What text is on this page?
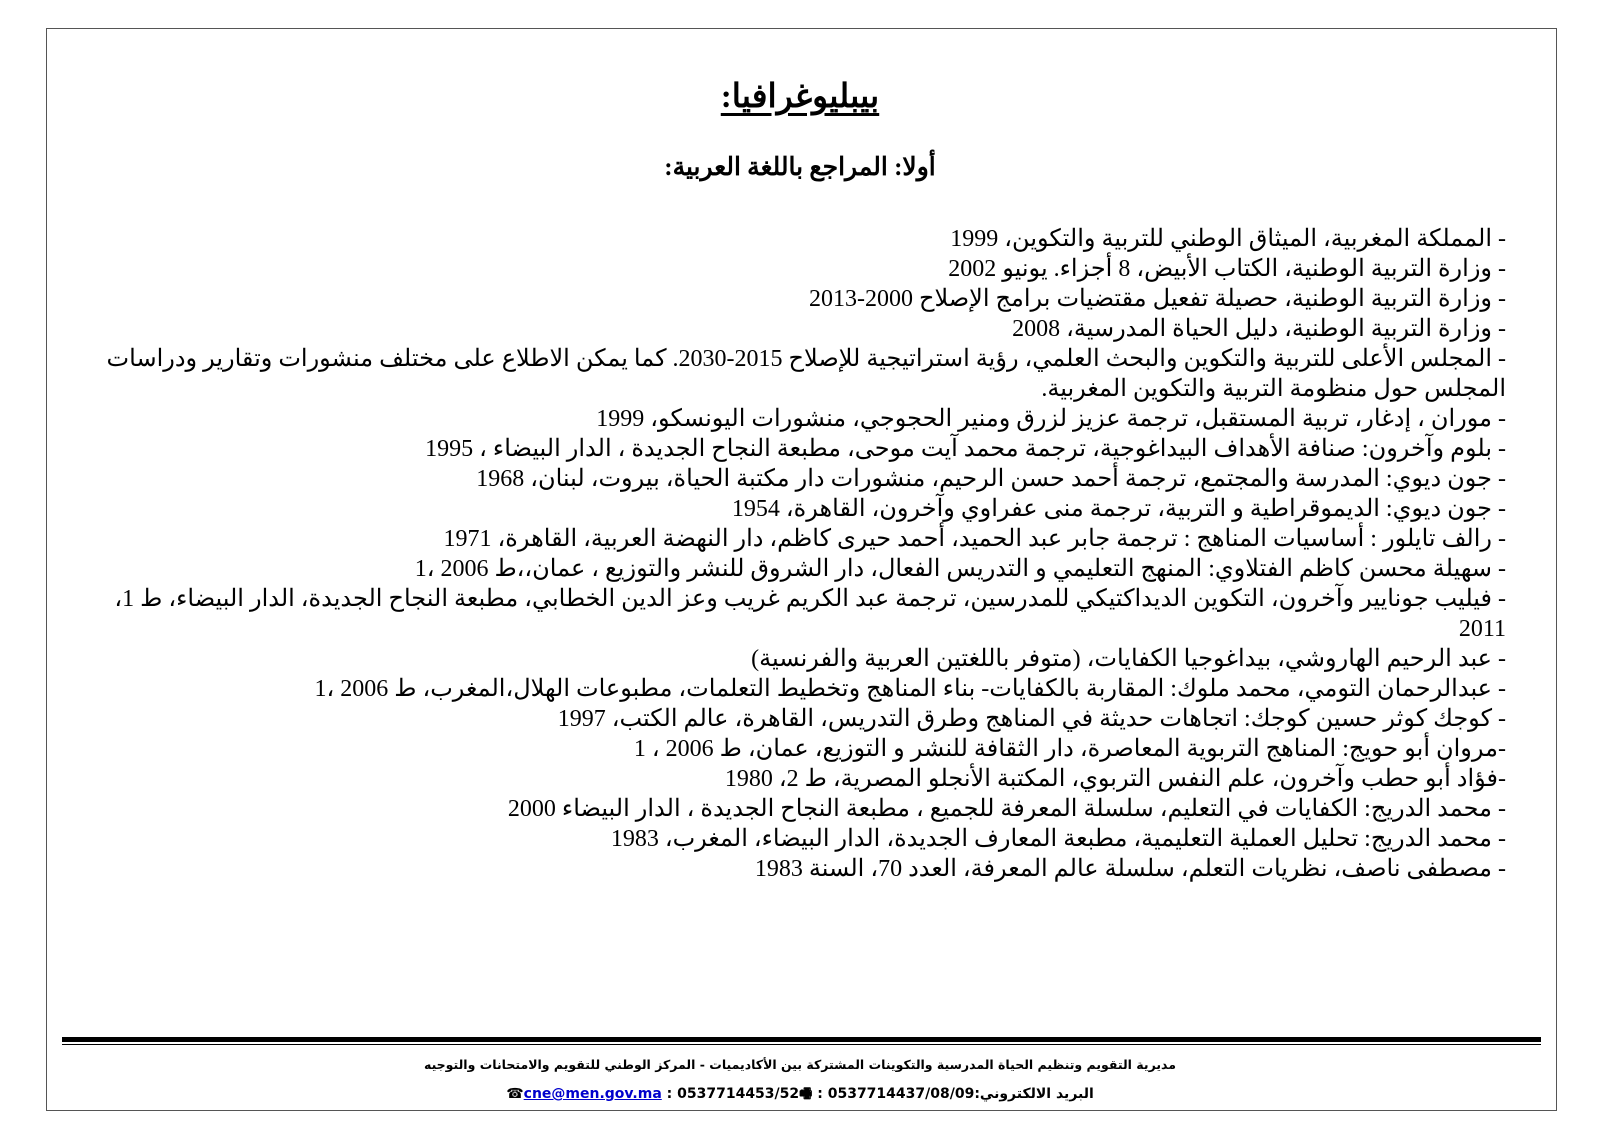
بيبليوغرافيا:
أولا: المراجع باللغة العربية:
- المملكة المغربية، الميثاق الوطني للتربية والتكوين، 1999
- وزارة التربية الوطنية، الكتاب الأبيض، 8 أجزاء. يونيو 2002
- وزارة التربية الوطنية، حصيلة تفعيل مقتضيات برامج الإصلاح 2000-2013
- وزارة التربية الوطنية، دليل الحياة المدرسية، 2008
- المجلس الأعلى للتربية والتكوين والبحث العلمي، رؤية استراتيجية للإصلاح 2015-2030. كما يمكن الاطلاع على مختلف منشورات وتقارير ودراسات المجلس حول منظومة التربية والتكوين المغربية.
- موران ، إدغار، تربية المستقبل، ترجمة عزيز لزرق ومنير الحجوجي، منشورات اليونسكو، 1999
- بلوم وآخرون: صنافة الأهداف البيداغوجية، ترجمة محمد آيت موحى، مطبعة النجاح الجديدة ، الدار البيضاء ، 1995
- جون ديوي: المدرسة والمجتمع، ترجمة أحمد حسن الرحيم، منشورات دار مكتبة الحياة، بيروت، لبنان، 1968
- جون ديوي: الديموقراطية و التربية، ترجمة منى عفراوي وآخرون، القاهرة، 1954
- رالف تايلور : أساسيات المناهج : ترجمة جابر عبد الحميد، أحمد حيرى كاظم، دار النهضة العربية، القاهرة، 1971
- سهيلة محسن كاظم الفتلاوي: المنهج التعليمي و التدريس الفعال، دار الشروق للنشر والتوزيع ، عمان،،ط 2006 ،1
- فيليب جونايير وآخرون، التكوين الديداكتيكي للمدرسين، ترجمة عبد الكريم غريب وعز الدين الخطابي، مطبعة النجاح الجديدة، الدار البيضاء، ط 1، 2011
- عبد الرحيم الهاروشي، بيداغوجيا الكفايات، (متوفر باللغتين العربية والفرنسية)
- عبدالرحمان التومي، محمد ملوك: المقاربة بالكفايات- بناء المناهج وتخطيط التعلمات، مطبوعات الهلال،المغرب، ط 2006 ،1
- كوجك كوثر حسين كوجك: اتجاهات حديثة في المناهج وطرق التدريس، القاهرة، عالم الكتب، 1997
-مروان أبو حويج: المناهج التربوية المعاصرة، دار الثقافة للنشر و التوزيع، عمان، ط 2006 ، 1
-فؤاد أبو حطب وآخرون، علم النفس التربوي، المكتبة الأنجلو المصرية، ط 2، 1980
- محمد الدريج: الكفايات في التعليم، سلسلة المعرفة للجميع ، مطبعة النجاح الجديدة ، الدار البيضاء 2000
- محمد الدريج: تحليل العملية التعليمية، مطبعة المعارف الجديدة، الدار البيضاء، المغرب، 1983
- مصطفى ناصف، نظريات التعلم، سلسلة عالم المعرفة، العدد 70، السنة 1983
مديرية التقويم وتنظيم الحياة المدرسية والتكوينات المشتركة بين الأكاديميات - المركز الوطني للتقويم والامتحانات والتوجيه
البريد الالكتروني:cne@men.gov.ma : 0537714453/52🖷 : 0537714437/08/09☎
